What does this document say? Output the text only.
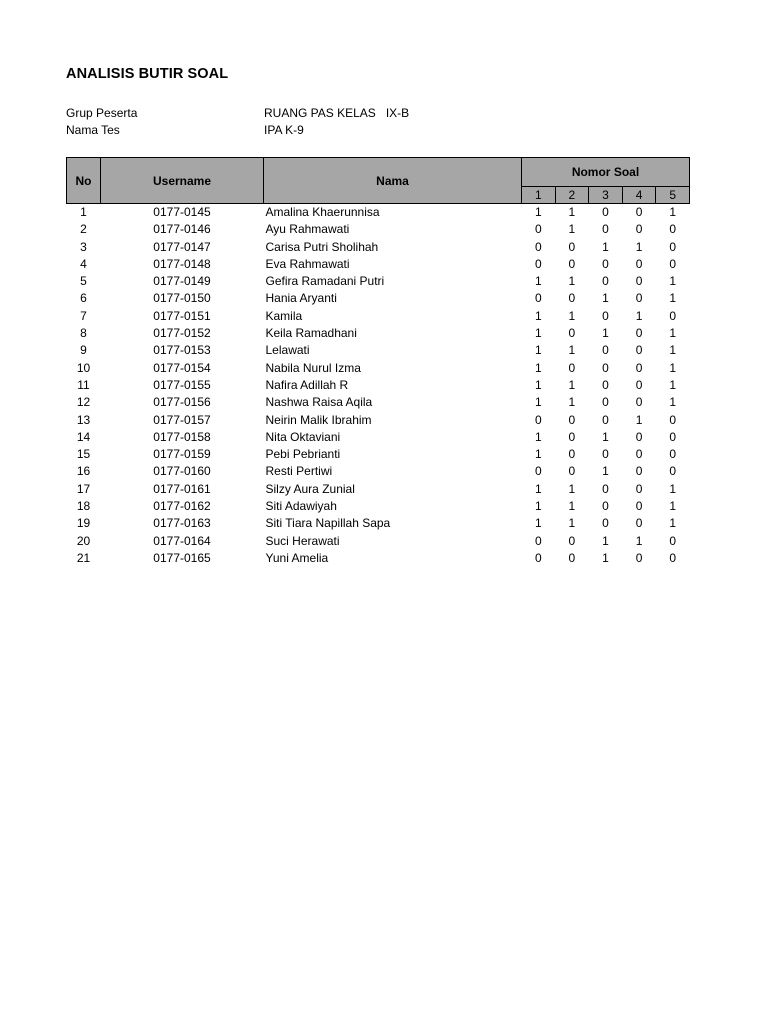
ANALISIS BUTIR SOAL
Grup Peserta	RUANG PAS KELAS   IX-B
Nama Tes	IPA K-9
No	Username	Nama	Nomor Soal				
			1	2	3	4	5
1	0177-0145	Amalina Khaerunnisa	1	1	0	0	1
2	0177-0146	Ayu Rahmawati	0	1	0	0	0
3	0177-0147	Carisa Putri Sholihah	0	0	1	1	0
4	0177-0148	Eva Rahmawati	0	0	0	0	0
5	0177-0149	Gefira Ramadani Putri	1	1	0	0	1
6	0177-0150	Hania Aryanti	0	0	1	0	1
7	0177-0151	Kamila	1	1	0	1	0
8	0177-0152	Keila Ramadhani	1	0	1	0	1
9	0177-0153	Lelawati	1	1	0	0	1
10	0177-0154	Nabila Nurul Izma	1	0	0	0	1
11	0177-0155	Nafira Adillah R	1	1	0	0	1
12	0177-0156	Nashwa Raisa Aqila	1	1	0	0	1
13	0177-0157	Neirin Malik Ibrahim	0	0	0	1	0
14	0177-0158	Nita Oktaviani	1	0	1	0	0
15	0177-0159	Pebi Pebrianti	1	0	0	0	0
16	0177-0160	Resti Pertiwi	0	0	1	0	0
17	0177-0161	Silzy Aura Zunial	1	1	0	0	1
18	0177-0162	Siti Adawiyah	1	1	0	0	1
19	0177-0163	Siti Tiara Napillah Sapa	1	1	0	0	1
20	0177-0164	Suci Herawati	0	0	1	1	0
21	0177-0165	Yuni Amelia	0	0	1	0	0
